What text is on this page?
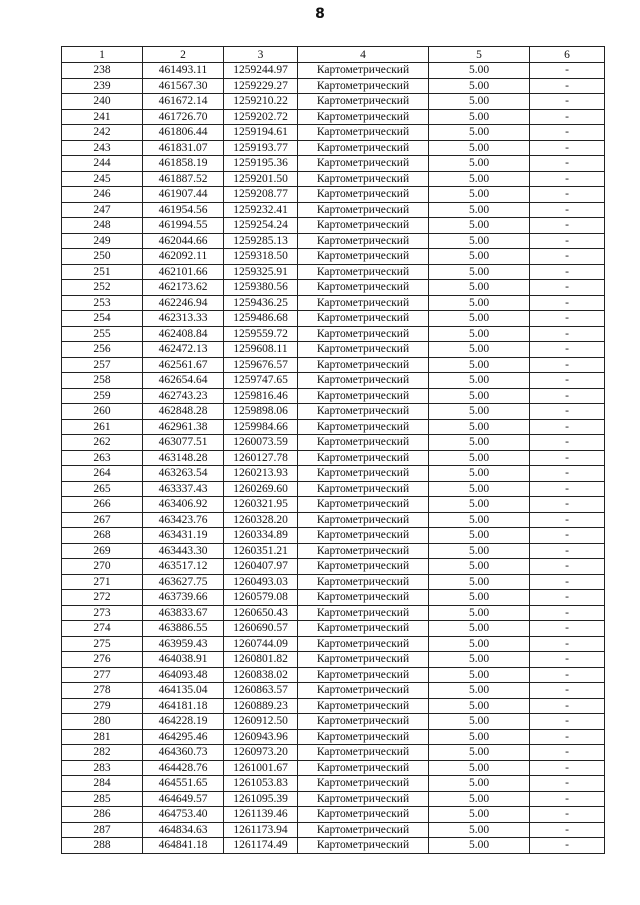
8
1	2	3	4	5	6
238	461493.11	1259244.97	Картометрический	5.00	-
239	461567.30	1259229.27	Картометрический	5.00	-
240	461672.14	1259210.22	Картометрический	5.00	-
241	461726.70	1259202.72	Картометрический	5.00	-
242	461806.44	1259194.61	Картометрический	5.00	-
243	461831.07	1259193.77	Картометрический	5.00	-
244	461858.19	1259195.36	Картометрический	5.00	-
245	461887.52	1259201.50	Картометрический	5.00	-
246	461907.44	1259208.77	Картометрический	5.00	-
247	461954.56	1259232.41	Картометрический	5.00	-
248	461994.55	1259254.24	Картометрический	5.00	-
249	462044.66	1259285.13	Картометрический	5.00	-
250	462092.11	1259318.50	Картометрический	5.00	-
251	462101.66	1259325.91	Картометрический	5.00	-
252	462173.62	1259380.56	Картометрический	5.00	-
253	462246.94	1259436.25	Картометрический	5.00	-
254	462313.33	1259486.68	Картометрический	5.00	-
255	462408.84	1259559.72	Картометрический	5.00	-
256	462472.13	1259608.11	Картометрический	5.00	-
257	462561.67	1259676.57	Картометрический	5.00	-
258	462654.64	1259747.65	Картометрический	5.00	-
259	462743.23	1259816.46	Картометрический	5.00	-
260	462848.28	1259898.06	Картометрический	5.00	-
261	462961.38	1259984.66	Картометрический	5.00	-
262	463077.51	1260073.59	Картометрический	5.00	-
263	463148.28	1260127.78	Картометрический	5.00	-
264	463263.54	1260213.93	Картометрический	5.00	-
265	463337.43	1260269.60	Картометрический	5.00	-
266	463406.92	1260321.95	Картометрический	5.00	-
267	463423.76	1260328.20	Картометрический	5.00	-
268	463431.19	1260334.89	Картометрический	5.00	-
269	463443.30	1260351.21	Картометрический	5.00	-
270	463517.12	1260407.97	Картометрический	5.00	-
271	463627.75	1260493.03	Картометрический	5.00	-
272	463739.66	1260579.08	Картометрический	5.00	-
273	463833.67	1260650.43	Картометрический	5.00	-
274	463886.55	1260690.57	Картометрический	5.00	-
275	463959.43	1260744.09	Картометрический	5.00	-
276	464038.91	1260801.82	Картометрический	5.00	-
277	464093.48	1260838.02	Картометрический	5.00	-
278	464135.04	1260863.57	Картометрический	5.00	-
279	464181.18	1260889.23	Картометрический	5.00	-
280	464228.19	1260912.50	Картометрический	5.00	-
281	464295.46	1260943.96	Картометрический	5.00	-
282	464360.73	1260973.20	Картометрический	5.00	-
283	464428.76	1261001.67	Картометрический	5.00	-
284	464551.65	1261053.83	Картометрический	5.00	-
285	464649.57	1261095.39	Картометрический	5.00	-
286	464753.40	1261139.46	Картометрический	5.00	-
287	464834.63	1261173.94	Картометрический	5.00	-
288	464841.18	1261174.49	Картометрический	5.00	-
